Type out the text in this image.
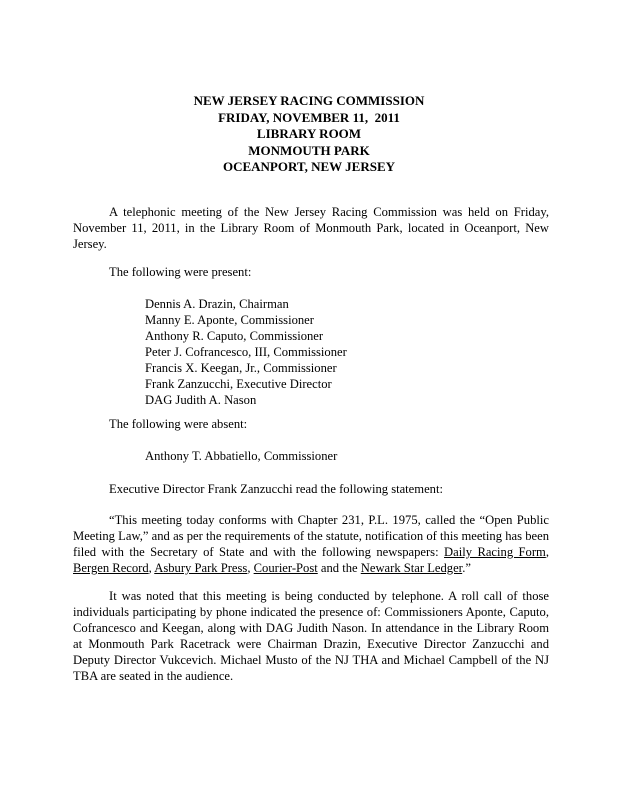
NEW JERSEY RACING COMMISSION
FRIDAY, NOVEMBER 11,  2011
LIBRARY ROOM
MONMOUTH PARK
OCEANPORT, NEW JERSEY

A telephonic meeting of the New Jersey Racing Commission was held on Friday, November 11, 2011, in the Library Room of Monmouth Park, located in Oceanport, New Jersey.

The following were present:

Dennis A. Drazin, Chairman
Manny E. Aponte, Commissioner
Anthony R. Caputo, Commissioner
Peter J. Cofrancesco, III, Commissioner
Francis X. Keegan, Jr., Commissioner
Frank Zanzucchi, Executive Director
DAG Judith A. Nason

The following were absent:

Anthony T. Abbatiello, Commissioner

Executive Director Frank Zanzucchi read the following statement:

“This meeting today conforms with Chapter 231, P.L. 1975, called the “Open Public Meeting Law,” and as per the requirements of the statute, notification of this meeting has been filed with the Secretary of State and with the following newspapers: Daily Racing Form, Bergen Record, Asbury Park Press, Courier-Post and the Newark Star Ledger.”

It was noted that this meeting is being conducted by telephone. A roll call of those individuals participating by phone indicated the presence of: Commissioners Aponte, Caputo, Cofrancesco and Keegan, along with DAG Judith Nason. In attendance in the Library Room at Monmouth Park Racetrack were Chairman Drazin, Executive Director Zanzucchi and Deputy Director Vukcevich. Michael Musto of the NJ THA and Michael Campbell of the NJ TBA are seated in the audience.
